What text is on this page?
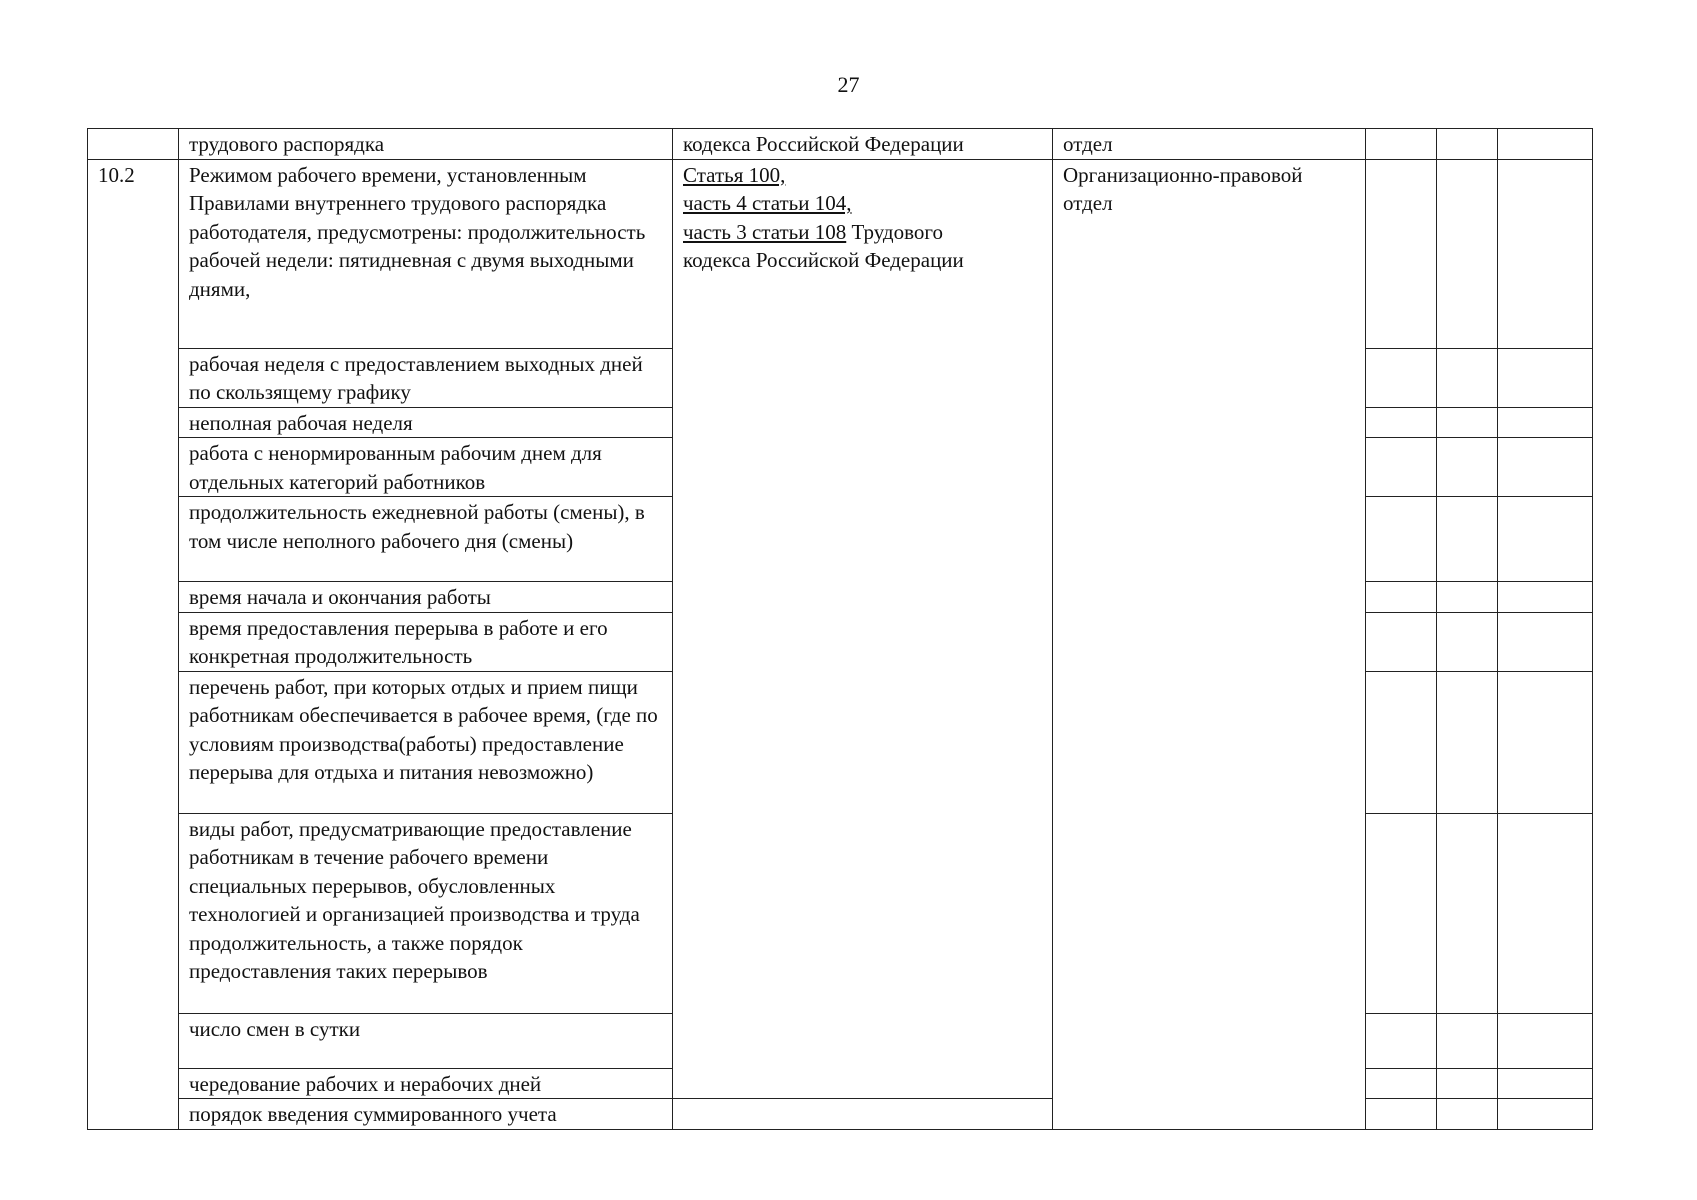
27
	трудового распорядка	кодекса Российской Федерации	отдел			
10.2	Режимом рабочего времени, установленным Правилами внутреннего трудового распорядка работодателя, предусмотрены: продолжительность рабочей недели: пятидневная с двумя выходными днями,	Статья 100,
часть 4 статьи 104,
часть 3 статьи 108 Трудового
кодекса Российской Федерации	Организационно-правовой отдел			
	рабочая неделя с предоставлением выходных дней по скользящему графику					
	неполная рабочая неделя					
	работа с ненормированным рабочим днем для отдельных категорий работников					
	продолжительность ежедневной работы (смены), в том числе неполного рабочего дня (смены)					
	время начала и окончания работы					
	время предоставления перерыва в работе и его конкретная продолжительность					
	перечень работ, при которых отдых и прием пищи работникам обеспечивается в рабочее время, (где по условиям производства(работы) предоставление перерыва для отдыха и питания невозможно)					
	виды работ, предусматривающие предоставление работникам в течение рабочего времени специальных перерывов, обусловленных технологией и организацией производства и труда продолжительность, а также порядок предоставления таких перерывов					
	число смен в сутки					
	чередование рабочих и нерабочих дней					
	порядок введения суммированного учета					
